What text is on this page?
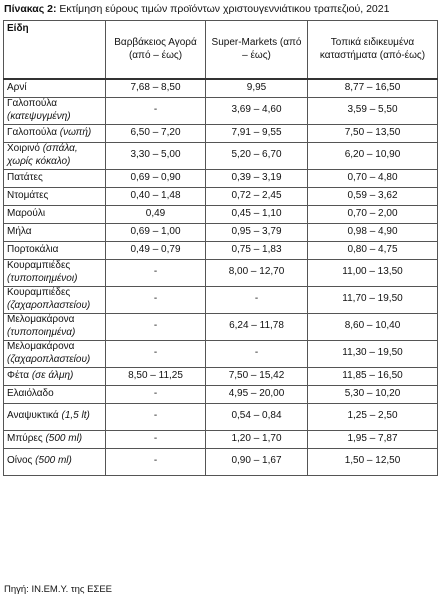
Πίνακας 2: Εκτίμηση εύρους τιμών προϊόντων χριστουγεννιάτικου τραπεζιού, 2021
Είδη	Βαρβάκειος Αγορά (από – έως)	Super-Markets (από – έως)	Τοπικά ειδικευμένα καταστήματα (από-έως)
Αρνί	7,68 – 8,50	9,95	8,77 – 16,50
Γαλοπούλα (κατεψυγμένη)	-	3,69 – 4,60	3,59 – 5,50
Γαλοπούλα (νωπή)	6,50 – 7,20	7,91 – 9,55	7,50 – 13,50
Χοιρινό (σπάλα, χωρίς κόκαλο)	3,30 – 5,00	5,20 – 6,70	6,20 – 10,90
Πατάτες	0,69 – 0,90	0,39 – 3,19	0,70 – 4,80
Ντομάτες	0,40 – 1,48	0,72 – 2,45	0,59 – 3,62
Μαρούλι	0,49	0,45 – 1,10	0,70 – 2,00
Μήλα	0,69 – 1,00	0,95 – 3,79	0,98 – 4,90
Πορτοκάλια	0,49 – 0,79	0,75 – 1,83	0,80 – 4,75
Κουραμπιέδες (τυποποιημένοι)	-	8,00 – 12,70	11,00 – 13,50
Κουραμπιέδες (ζαχαροπλαστείου)	-	-	11,70 – 19,50
Μελομακάρονα (τυποποιημένα)	-	6,24 – 11,78	8,60 – 10,40
Μελομακάρονα (ζαχαροπλαστείου)	-	-	11,30 – 19,50
Φέτα (σε άλμη)	8,50 – 11,25	7,50 – 15,42	11,85 – 16,50
Ελαιόλαδο	-	4,95 – 20,00	5,30 – 10,20
Αναψυκτικά (1,5 lt)	-	0,54 – 0,84	1,25 – 2,50
Μπύρες (500 ml)	-	1,20 – 1,70	1,95 – 7,87
Οίνος (500 ml)	-	0,90 – 1,67	1,50 – 12,50
Πηγή: ΙΝ.ΕΜ.Υ. της ΕΣΕΕ
